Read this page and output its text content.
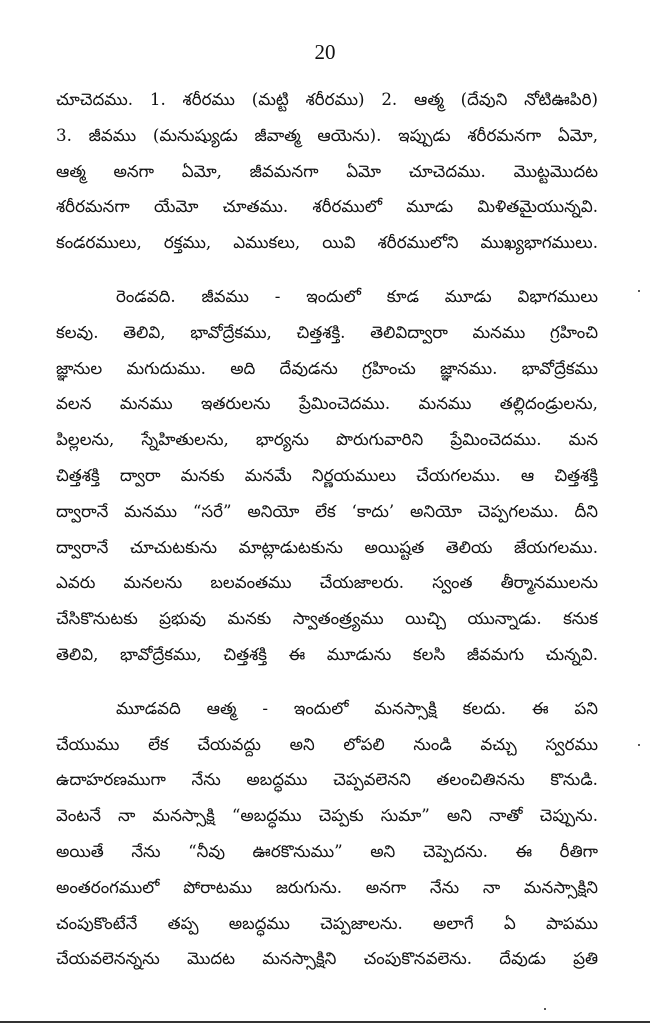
20
చూచెదము. 1. శరీరము (మట్టి శరీరము) 2. ఆత్మ (దేవుని నోటిఊపిరి)
3. జీవము (మనుష్యుడు జీవాత్మ ఆయెను). ఇప్పుడు శరీరమనగా ఏమో,
ఆత్మ అనగా ఏమో, జీవమనగా ఏమో చూచెదము. మొట్టమొదట
శరీరమనగా యేమో చూతము. శరీరములో మూడు మిళితమైయున్నవి.
కండరములు, రక్తము, ఎముకలు, యివి శరీరములోని ముఖ్యభాగములు.
రెండవది. జీవము - ఇందులో కూడ మూడు విభాగములు
కలవు. తెలివి, భావోద్రేకము, చిత్తశక్తి. తెలివిద్వారా మనము గ్రహించి
జ్ఞానుల మగుదుము. అది దేవుడను గ్రహించు జ్ఞానము. భావోద్రేకము
వలన మనము ఇతరులను ప్రేమించెదము. మనము తల్లిదండ్రులను,
పిల్లలను, స్నేహితులను, భార్యను పొరుగువారిని ప్రేమించెదము. మన
చిత్తశక్తి ద్వారా మనకు మనమే నిర్ణయములు చేయగలము. ఆ చిత్తశక్తి
ద్వారానే మనము “సరే” అనియో లేక ‘కాదు’ అనియో చెప్పగలము. దీని
ద్వారానే చూచుటకును మాట్లాడుటకును అయిష్టత తెలియ జేయగలము.
ఎవరు మనలను బలవంతము చేయజాలరు. స్వంత తీర్మానములను
చేసికొనుటకు ప్రభువు మనకు స్వాతంత్ర్యము యిచ్చి యున్నాడు. కనుక
తెలివి, భావోద్రేకము, చిత్తశక్తి ఈ మూడును కలసి జీవమగు చున్నవి.
మూడవది ఆత్మ - ఇందులో మనస్సాక్షి కలదు. ఈ పని
చేయుము లేక చేయవద్దు అని లోపలి నుండి వచ్చు స్వరము
ఉదాహరణముగా నేను అబద్ధము చెప్పవలెనని తలంచితినను కొనుడి.
వెంటనే నా మనస్సాక్షి “అబద్ధము చెప్పకు సుమా” అని నాతో చెప్పును.
అయితే నేను “నీవు ఊరకొనుము” అని చెప్పెదను. ఈ రీతిగా
అంతరంగములో పోరాటము జరుగును. అనగా నేను నా మనస్సాక్షిని
చంపుకొంటేనే తప్ప అబద్ధము చెప్పజాలను. అలాగే ఏ పాపము
చేయవలెనన్నను మొదట మనస్సాక్షిని చంపుకొనవలెను. దేవుడు ప్రతి
